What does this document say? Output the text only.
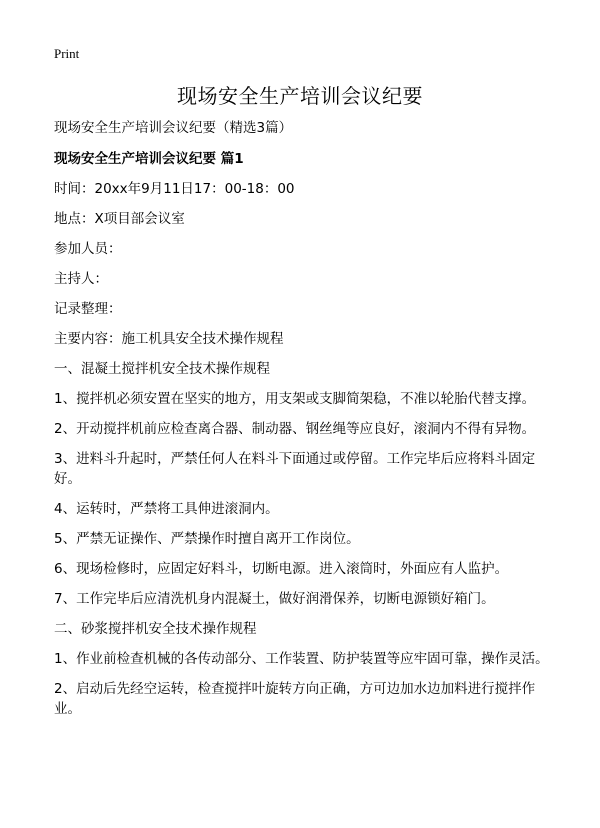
Print
现场安全生产培训会议纪要

现场安全生产培训会议纪要（精选3篇）

现场安全生产培训会议纪要 篇1

时间：20xx年9月11日17：00-18：00

地点：X项目部会议室

参加人员：

主持人：

记录整理：

主要内容：施工机具安全技术操作规程

一、混凝土搅拌机安全技术操作规程

1、搅拌机必须安置在坚实的地方，用支架或支脚简架稳，不准以轮胎代替支撑。

2、开动搅拌机前应检查离合器、制动器、钢丝绳等应良好，滚洞内不得有异物。

3、进料斗升起时，严禁任何人在料斗下面通过或停留。工作完毕后应将料斗固定好。

4、运转时，严禁将工具伸进滚洞内。

5、严禁无证操作、严禁操作时擅自离开工作岗位。

6、现场检修时，应固定好料斗，切断电源。进入滚筒时，外面应有人监护。

7、工作完毕后应清洗机身内混凝土，做好润滑保养，切断电源锁好箱门。

二、砂浆搅拌机安全技术操作规程

1、作业前检查机械的各传动部分、工作装置、防护装置等应牢固可靠，操作灵活。

2、启动后先经空运转，检查搅拌叶旋转方向正确，方可边加水边加料进行搅拌作业。
